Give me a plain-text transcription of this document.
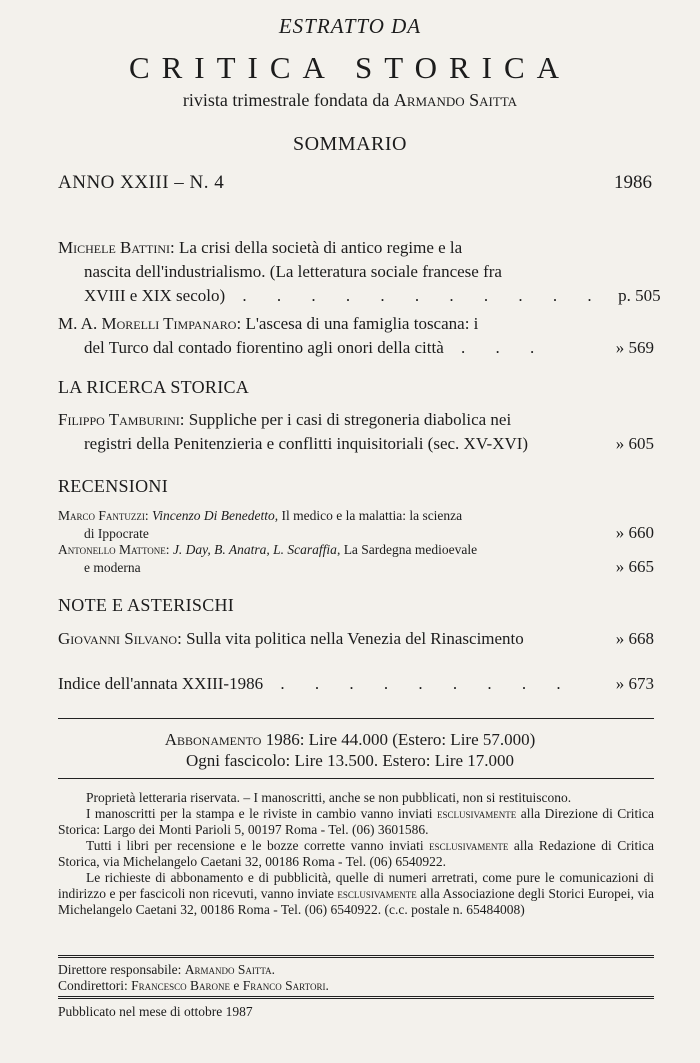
ESTRATTO DA
CRITICA STORICA
rivista trimestrale fondata da Armando Saitta
SOMMARIO
ANNO XXIII – N. 4	1986
Michele Battini : La crisi della società di antico regime e la
nascita dell'industrialismo. (La letteratura sociale francese fra
XVIII e XIX secolo) . . . . . . . . . . . p. 505
M. A. Morelli Timpanaro : L'ascesa di una famiglia toscana: i
del Turco dal contado fiorentino agli onori della città . . .	» 569
LA RICERCA STORICA
Filippo Tamburini : Suppliche per i casi di stregoneria diabolica nei
registri della Penitenzieria e conflitti inquisitoriali (sec. XV-XVI)	» 605
RECENSIONI
Marco Fantuzzi : Vincenzo Di Benedetto , Il medico e la malattia: la scienza
di Ippocrate	» 660
Antonello Mattone : J. Day, B. Anatra, L. Scaraffia , La Sardegna medioevale
e moderna	» 665
NOTE E ASTERISCHI
Giovanni Silvano : Sulla vita politica nella Venezia del Rinascimento	» 668
Indice dell'annata XXIII-1986 . . . . . . . . .	» 673
Abbonamento 1986: Lire 44.000 (Estero: Lire 57.000)
Ogni fascicolo: Lire 13.500. Estero: Lire 17.000

Proprietà letteraria riservata. – I manoscritti, anche se non pubblicati, non si restituiscono.

I manoscritti per la stampa e le riviste in cambio vanno inviati esclusivamente alla Direzione di Critica Storica: Largo dei Monti Parioli 5, 00197 Roma - Tel. (06) 3601586.

Tutti i libri per recensione e le bozze corrette vanno inviati esclusivamente alla Redazione di Critica Storica, via Michelangelo Caetani 32, 00186 Roma - Tel. (06) 6540922.

Le richieste di abbonamento e di pubblicità, quelle di numeri arretrati, come pure le comunicazioni di indirizzo e per fascicoli non ricevuti, vanno inviate esclusivamente alla Associazione degli Storici Europei, via Michelangelo Caetani 32, 00186 Roma - Tel. (06) 6540922. (c.c. postale n. 65484008)

Direttore responsabile: Armando Saitta.
Condirettori: Francesco Barone e Franco Sartori.
Pubblicato nel mese di ottobre 1987
